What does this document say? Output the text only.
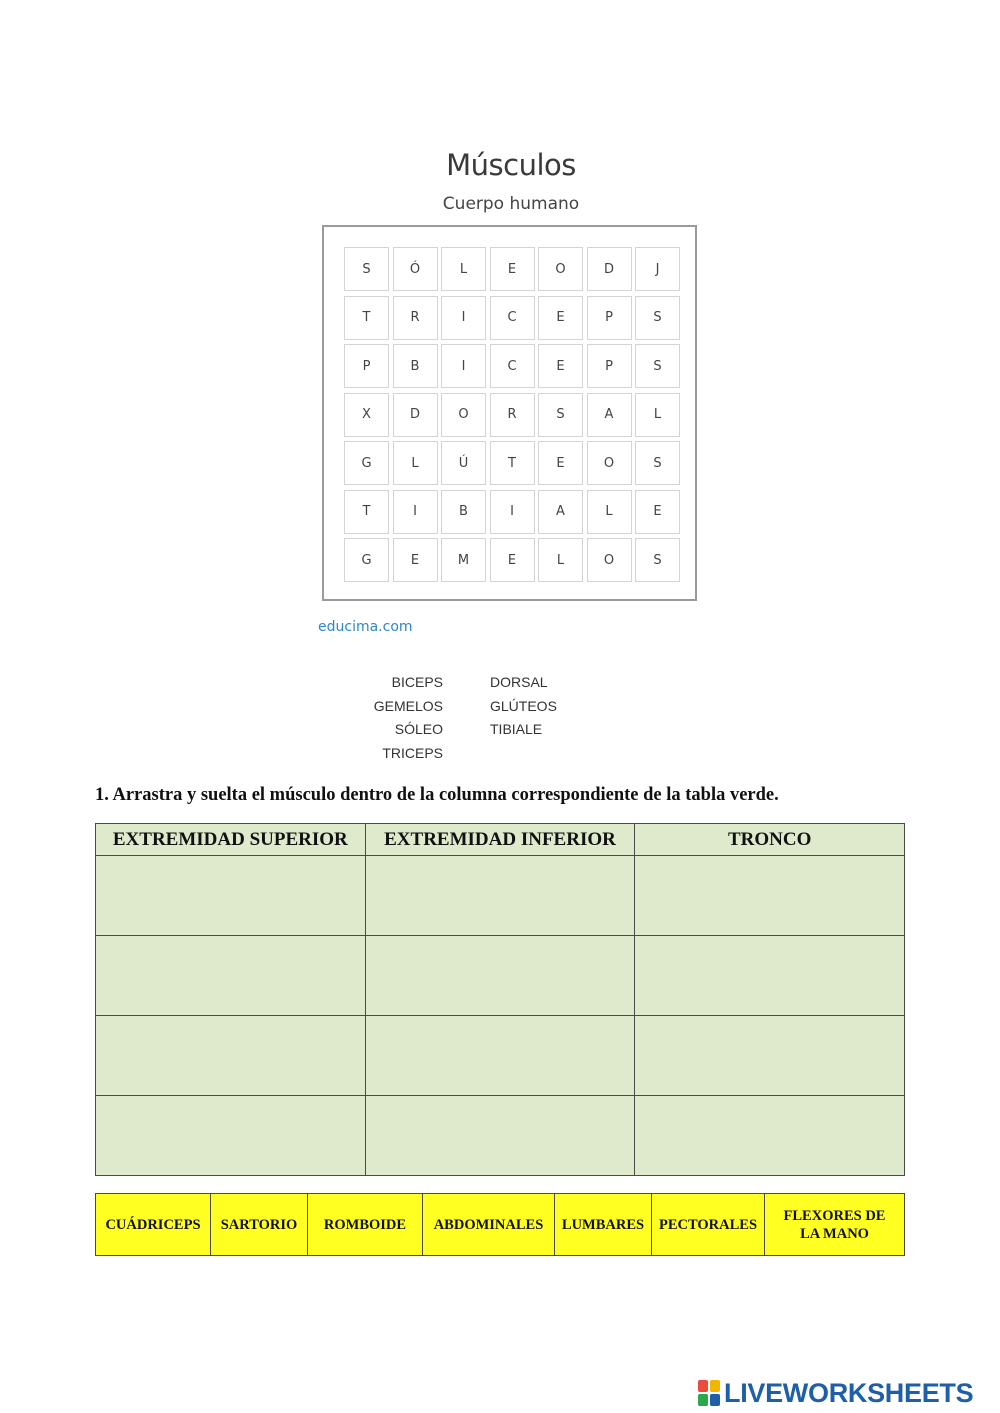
Músculos
Cuerpo humano
S	Ó	L	E	O	D	J
T	R	I	C	E	P	S
P	B	I	C	E	P	S
X	D	O	R	S	A	L
G	L	Ú	T	E	O	S
T	I	B	I	A	L	E
G	E	M	E	L	O	S
educima.com
BICEPS
GEMELOS
SÓLEO
TRICEPS
DORSAL
GLÚTEOS
TIBIALE
1. Arrastra y suelta el músculo dentro de la columna correspondiente de la tabla verde.
EXTREMIDAD SUPERIOR	EXTREMIDAD INFERIOR	TRONCO

CUÁDRICEPS	SARTORIO	ROMBOIDE	ABDOMINALES	LUMBARES	PECTORALES	FLEXORES DE
LA MANO
LIVEWORKSHEETS
